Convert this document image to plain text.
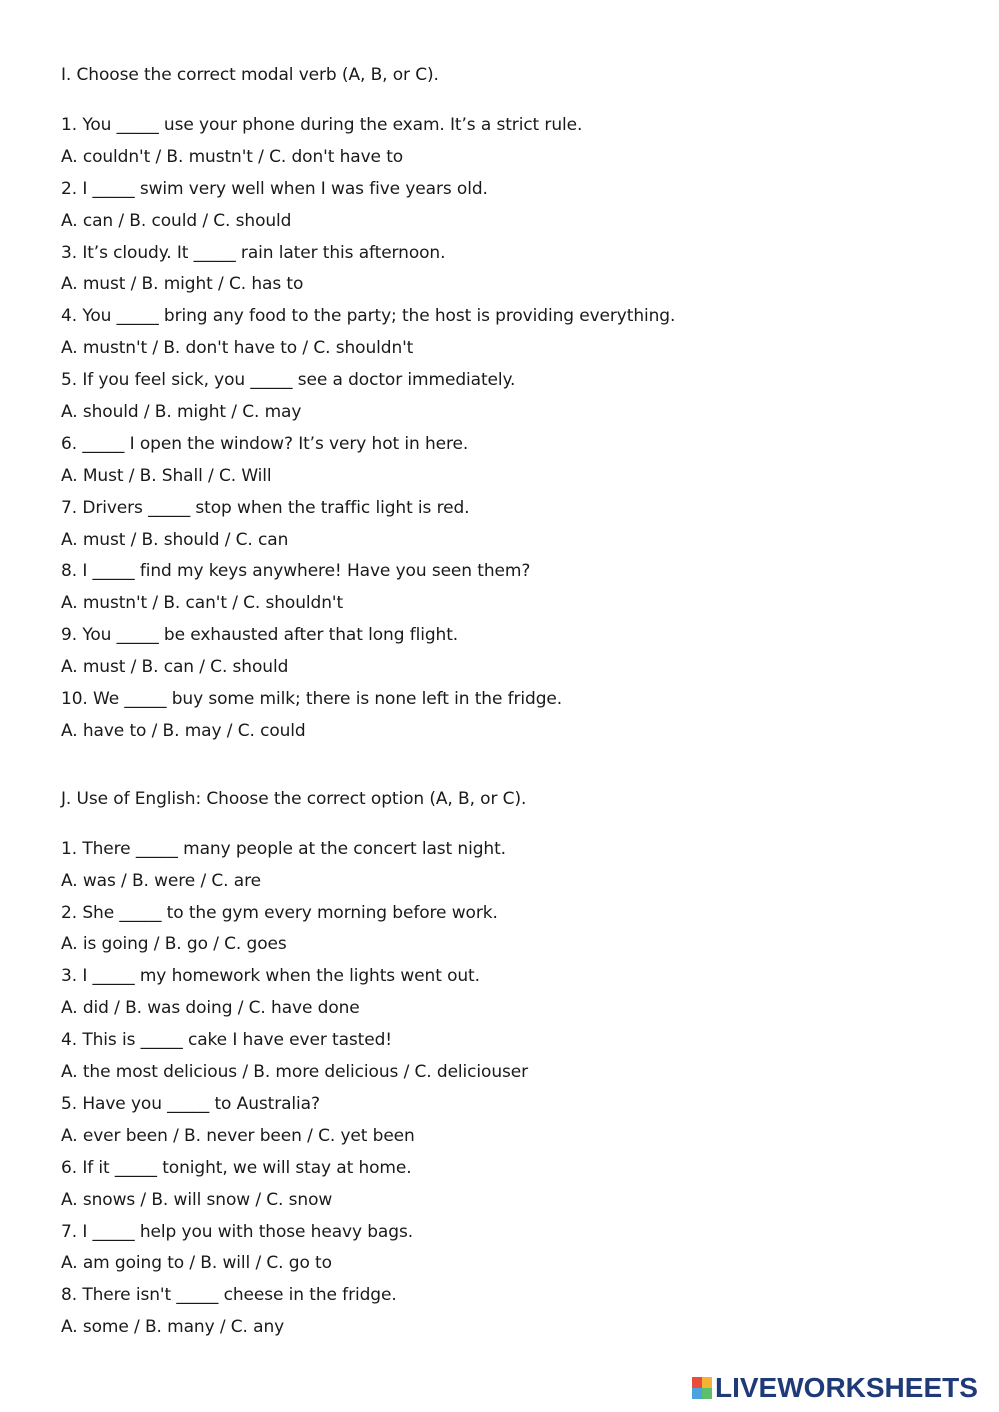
I. Choose the correct modal verb (A, B, or C).
1. You _____ use your phone during the exam. It’s a strict rule.
A. couldn't / B. mustn't / C. don't have to
2. I _____ swim very well when I was five years old.
A. can / B. could / C. should
3. It’s cloudy. It _____ rain later this afternoon.
A. must / B. might / C. has to
4. You _____ bring any food to the party; the host is providing everything.
A. mustn't / B. don't have to / C. shouldn't
5. If you feel sick, you _____ see a doctor immediately.
A. should / B. might / C. may
6. _____ I open the window? It’s very hot in here.
A. Must / B. Shall / C. Will
7. Drivers _____ stop when the traffic light is red.
A. must / B. should / C. can
8. I _____ find my keys anywhere! Have you seen them?
A. mustn't / B. can't / C. shouldn't
9. You _____ be exhausted after that long flight.
A. must / B. can / C. should
10. We _____ buy some milk; there is none left in the fridge.
A. have to / B. may / C. could
J. Use of English: Choose the correct option (A, B, or C).
1. There _____ many people at the concert last night.
A. was / B. were / C. are
2. She _____ to the gym every morning before work.
A. is going / B. go / C. goes
3. I _____ my homework when the lights went out.
A. did / B. was doing / C. have done
4. This is _____ cake I have ever tasted!
A. the most delicious / B. more delicious / C. deliciouser
5. Have you _____ to Australia?
A. ever been / B. never been / C. yet been
6. If it _____ tonight, we will stay at home.
A. snows / B. will snow / C. snow
7. I _____ help you with those heavy bags.
A. am going to / B. will / C. go to
8. There isn't _____ cheese in the fridge.
A. some / B. many / C. any
LIVEWORKSHEETS
